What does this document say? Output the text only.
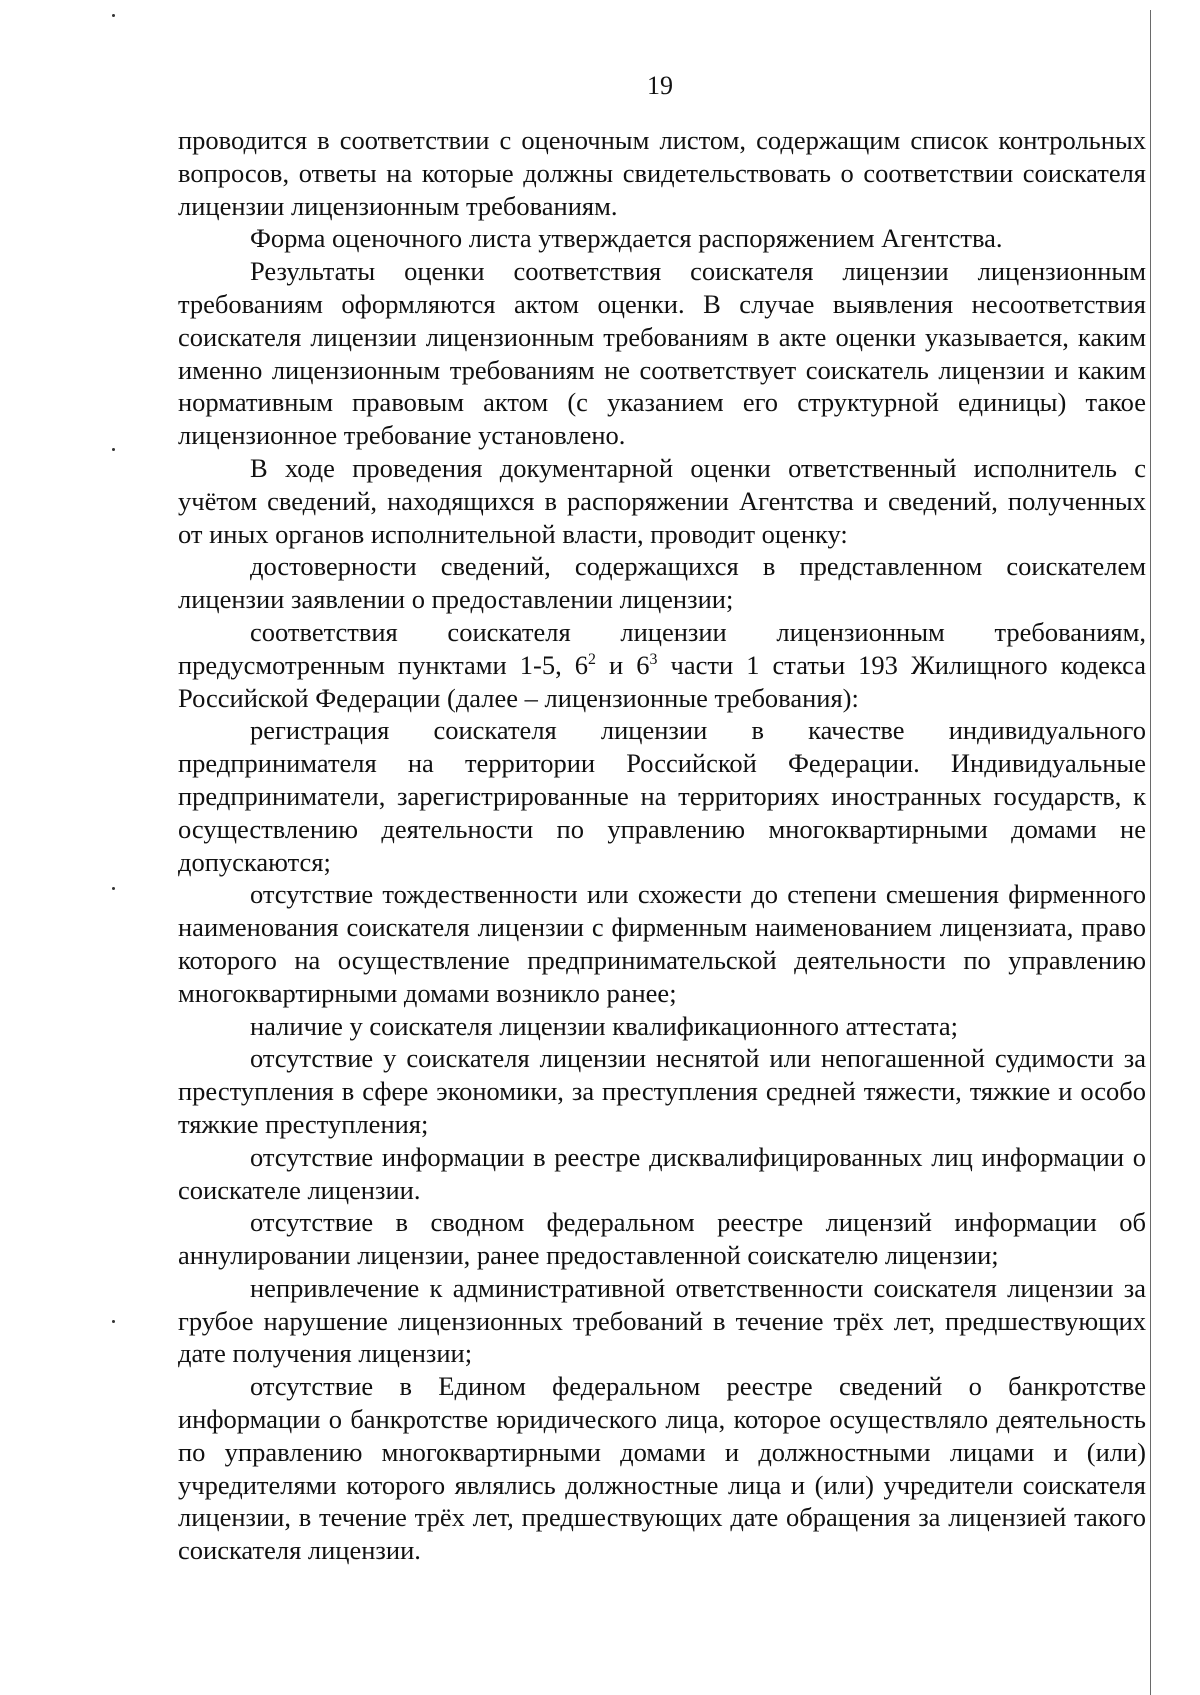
19

проводится в соответствии с оценочным листом, содержащим список контрольных вопросов, ответы на которые должны свидетельствовать о соответствии соискателя лицензии лицензионным требованиям.

Форма оценочного листа утверждается распоряжением Агентства.

Результаты оценки соответствия соискателя лицензии лицензионным требованиям оформляются актом оценки. В случае выявления несоответствия соискателя лицензии лицензионным требованиям в акте оценки указывается, каким именно лицензионным требованиям не соответствует соискатель лицензии и каким нормативным правовым актом (с указанием его структурной единицы) такое лицензионное требование установлено.

В ходе проведения документарной оценки ответственный исполнитель с учётом сведений, находящихся в распоряжении Агентства и сведений, полученных от иных органов исполнительной власти, проводит оценку:

достоверности сведений, содержащихся в представленном соискателем лицензии заявлении о предоставлении лицензии;

соответствия соискателя лицензии лицензионным требованиям, предусмотренным пунктами 1-5, $6^2$ и $6^3$ части 1 статьи 193 Жилищного кодекса Российской Федерации (далее – лицензионные требования):

регистрация соискателя лицензии в качестве индивидуального предпринимателя на территории Российской Федерации. Индивидуальные предприниматели, зарегистрированные на территориях иностранных государств, к осуществлению деятельности по управлению многоквартирными домами не допускаются;

отсутствие тождественности или схожести до степени смешения фирменного наименования соискателя лицензии с фирменным наименованием лицензиата, право которого на осуществление предпринимательской деятельности по управлению многоквартирными домами возникло ранее;

наличие у соискателя лицензии квалификационного аттестата;

отсутствие у соискателя лицензии неснятой или непогашенной судимости за преступления в сфере экономики, за преступления средней тяжести, тяжкие и особо тяжкие преступления;

отсутствие информации в реестре дисквалифицированных лиц информации о соискателе лицензии.

отсутствие в сводном федеральном реестре лицензий информации об аннулировании лицензии, ранее предоставленной соискателю лицензии;

непривлечение к административной ответственности соискателя лицензии за грубое нарушение лицензионных требований в течение трёх лет, предшествующих дате получения лицензии;

отсутствие в Едином федеральном реестре сведений о банкротстве информации о банкротстве юридического лица, которое осуществляло деятельность по управлению многоквартирными домами и должностными лицами и (или) учредителями которого являлись должностные лица и (или) учредители соискателя лицензии, в течение трёх лет, предшествующих дате обращения за лицензией такого соискателя лицензии.
